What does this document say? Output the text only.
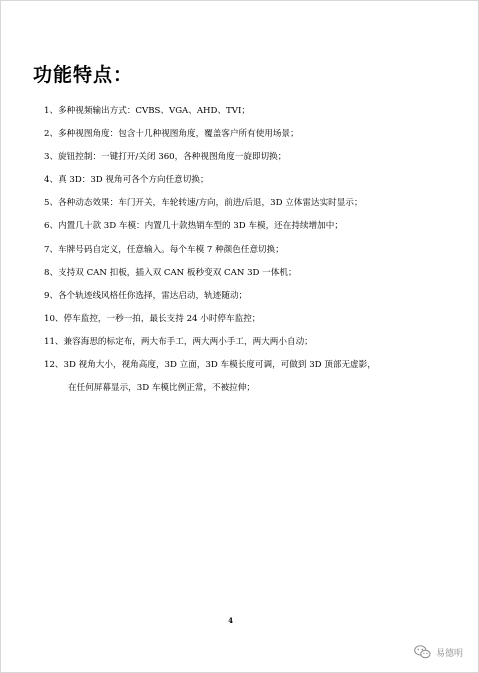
功能特点：
1、 多种视频输出方式：CVBS、VGA、AHD、TVI；
2、 多种视图角度：包含十几种视图角度，覆盖客户所有使用场景；
3、 旋钮控制：一键打开/关闭 360，各种视图角度一旋即切换；
4、 真 3D：3D 视角可各个方向任意切换；
5、 各种动态效果：车门开关，车轮转速/方向，前进/后退，3D 立体雷达实时显示；
6、 内置几十款 3D 车模：内置几十款热销车型的 3D 车模，还在持续增加中；
7、 车牌号码自定义，任意输入。每个车模 7 种颜色任意切换；
8、 支持双 CAN 扣板，插入双 CAN 板秒变双 CAN 3D 一体机；
9、 各个轨迹线风格任你选择，雷达启动，轨迹随动；
10、 停车监控，一秒一拍，最长支持 24 小时停车监控；
11、 兼容海思的标定布，两大布手工，两大两小手工，两大两小自动；
12、 3D 视角大小，视角高度，3D 立面，3D 车模长度可调，可做到 3D 顶部无虚影，
在任何屏幕显示，3D 车模比例正常，不被拉伸；
4
易德明
